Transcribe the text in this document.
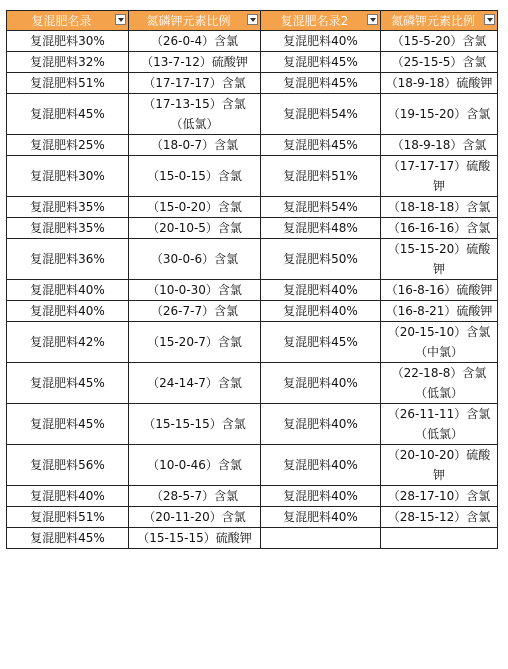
复混肥名录	氮磷钾元素比例	复混肥名录2	氮磷钾元素比例

复混肥料30%	（26-0-4）含氯	复混肥料40%	（15-5-20）含氯
复混肥料32%	（13-7-12）硫酸钾	复混肥料45%	（25-15-5）含氯
复混肥料51%	（17-17-17）含氯	复混肥料45%	（18-9-18）硫酸钾
复混肥料45%	（17-13-15）含氯（低氯）	复混肥料54%	（19-15-20）含氯
复混肥料25%	（18-0-7）含氯	复混肥料45%	（18-9-18）含氯
复混肥料30%	（15-0-15）含氯	复混肥料51%	（17-17-17）硫酸钾
复混肥料35%	（15-0-20）含氯	复混肥料54%	（18-18-18）含氯
复混肥料35%	（20-10-5）含氯	复混肥料48%	（16-16-16）含氯
复混肥料36%	（30-0-6）含氯	复混肥料50%	（15-15-20）硫酸钾
复混肥料40%	（10-0-30）含氯	复混肥料40%	（16-8-16）硫酸钾
复混肥料40%	（26-7-7）含氯	复混肥料40%	（16-8-21）硫酸钾
复混肥料42%	（15-20-7）含氯	复混肥料45%	（20-15-10）含氯（中氯）
复混肥料45%	（24-14-7）含氯	复混肥料40%	（22-18-8）含氯（低氯）
复混肥料45%	（15-15-15）含氯	复混肥料40%	（26-11-11）含氯（低氯）
复混肥料56%	（10-0-46）含氯	复混肥料40%	（20-10-20）硫酸钾
复混肥料40%	（28-5-7）含氯	复混肥料40%	（28-17-10）含氯
复混肥料51%	（20-11-20）含氯	复混肥料40%	（28-15-12）含氯
复混肥料45%	（15-15-15）硫酸钾		
